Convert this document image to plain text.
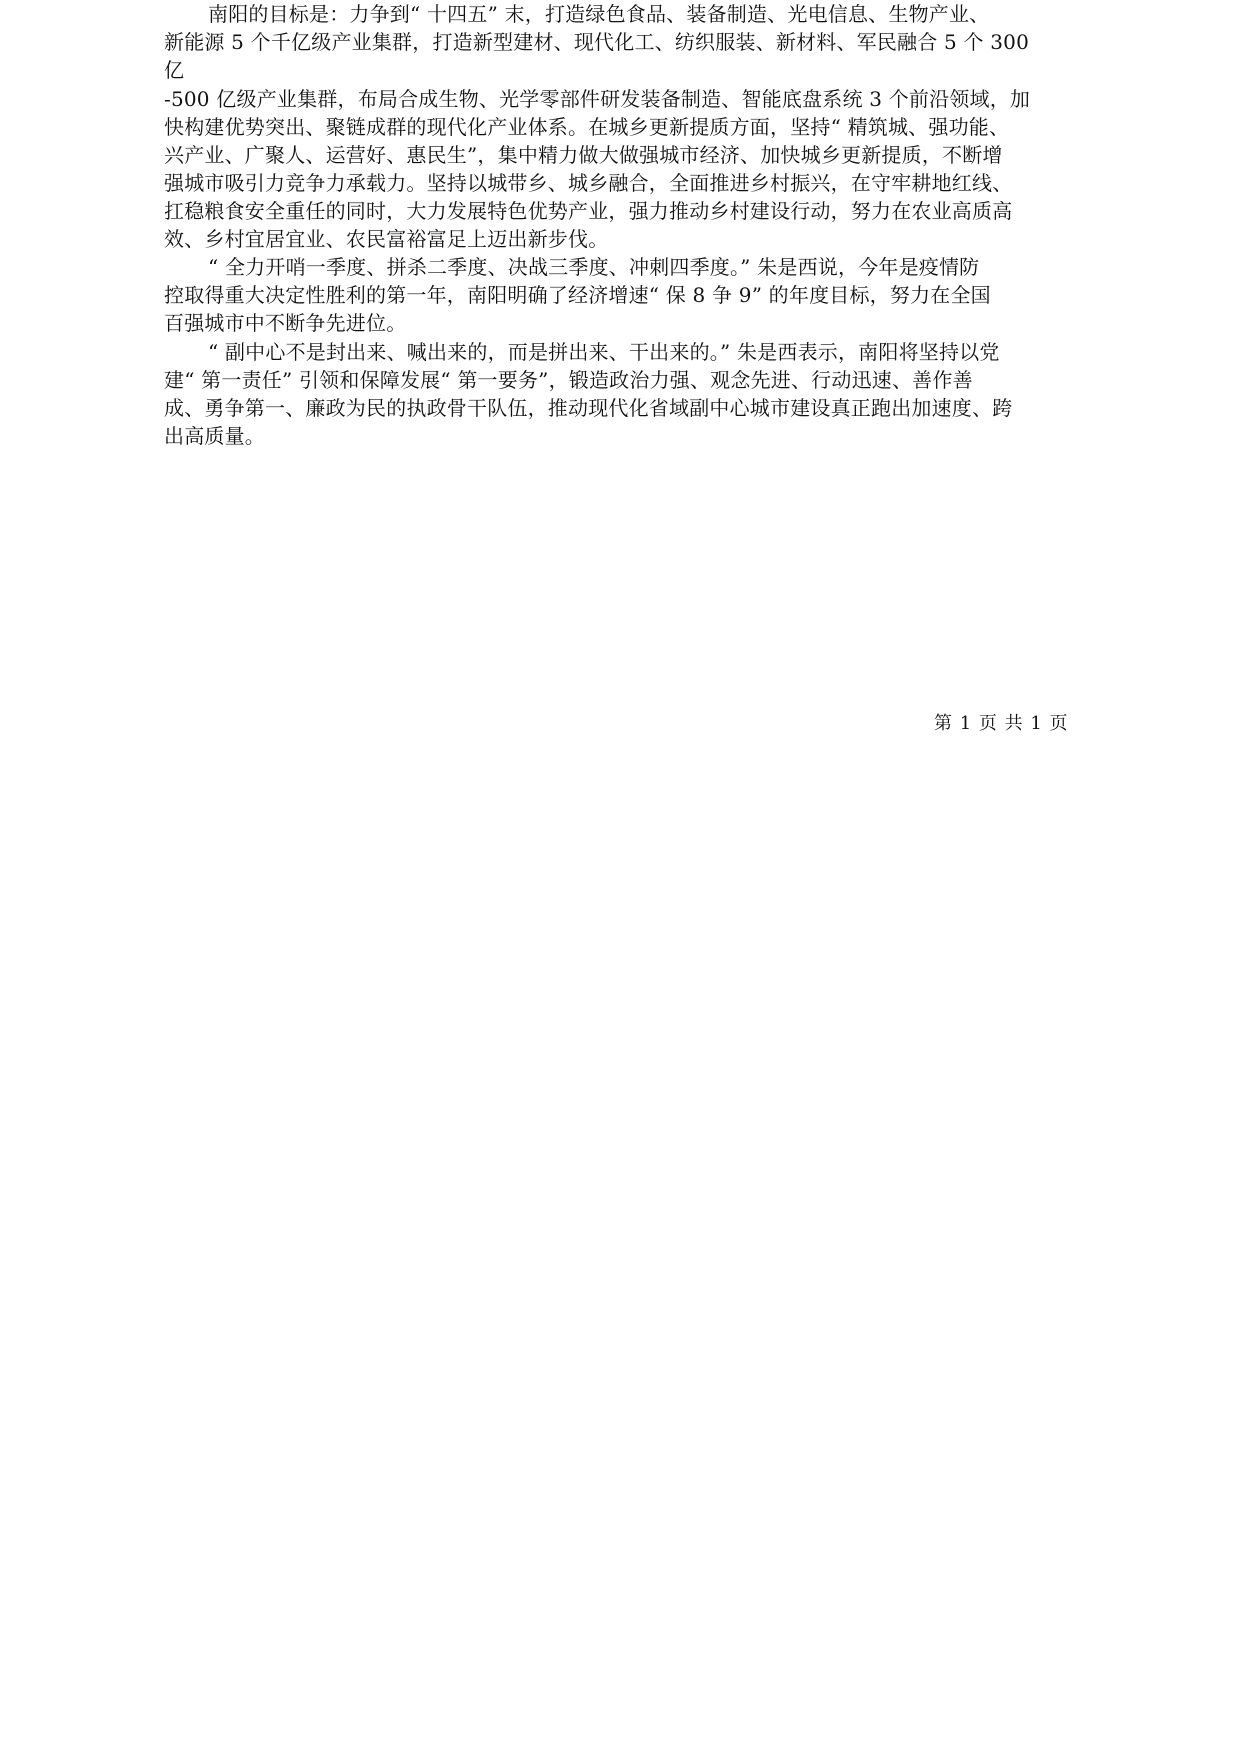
南阳的目标是：力争到“ 十四五” 末，打造绿色食品、装备制造、光电信息、生物产业、
新能源 5 个千亿级产业集群，打造新型建材、现代化工、纺织服装、新材料、军民融合 5 个 300
亿
-500 亿级产业集群，布局合成生物、光学零部件研发装备制造、智能底盘系统 3 个前沿领域，加
快构建优势突出、聚链成群的现代化产业体系。在城乡更新提质方面，坚持“ 精筑城、强功能、
兴产业、广聚人、运营好、惠民生”，集中精力做大做强城市经济、加快城乡更新提质，不断增
强城市吸引力竞争力承载力。坚持以城带乡、城乡融合，全面推进乡村振兴，在守牢耕地红线、
扛稳粮食安全重任的同时，大力发展特色优势产业，强力推动乡村建设行动，努力在农业高质高
效、乡村宜居宜业、农民富裕富足上迈出新步伐。
“ 全力开哨一季度、拼杀二季度、决战三季度、冲刺四季度。” 朱是西说，今年是疫情防
控取得重大决定性胜利的第一年，南阳明确了经济增速“ 保 8 争 9” 的年度目标，努力在全国
百强城市中不断争先进位。
“ 副中心不是封出来、喊出来的，而是拼出来、干出来的。” 朱是西表示，南阳将坚持以党
建“ 第一责任” 引领和保障发展“ 第一要务”，锻造政治力强、观念先进、行动迅速、善作善
成、勇争第一、廉政为民的执政骨干队伍，推动现代化省域副中心城市建设真正跑出加速度、跨
出高质量。
第 1 页 共 1 页
